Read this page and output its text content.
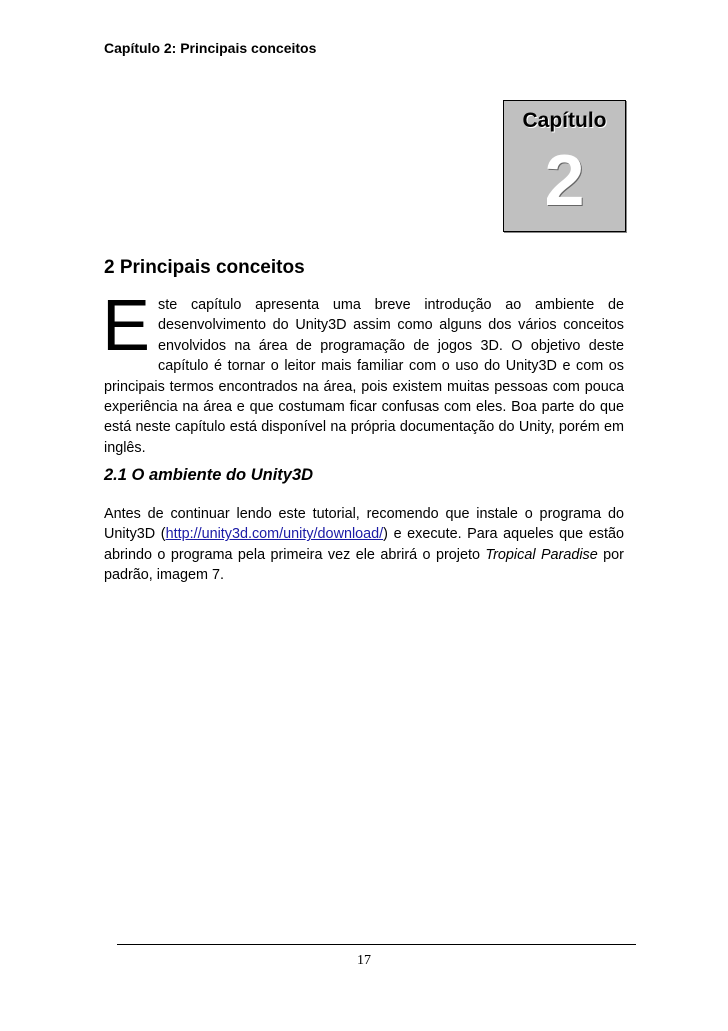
Capítulo 2: Principais conceitos
Capítulo
2
2 Principais conceitos

Este capítulo apresenta uma breve introdução ao ambiente de desenvolvimento do Unity3D assim como alguns dos vários conceitos envolvidos na área de programação de jogos 3D. O objetivo deste capítulo é tornar o leitor mais familiar com o uso do Unity3D e com os principais termos encontrados na área, pois existem muitas pessoas com pouca experiência na área e que costumam ficar confusas com eles. Boa parte do que está neste capítulo está disponível na própria documentação do Unity, porém em inglês.

2.1 O ambiente do Unity3D

Antes de continuar lendo este tutorial, recomendo que instale o programa do Unity3D (http://unity3d.com/unity/download/) e execute. Para aqueles que estão abrindo o programa pela primeira vez ele abrirá o projeto Tropical Paradise por padrão, imagem 7.

17
